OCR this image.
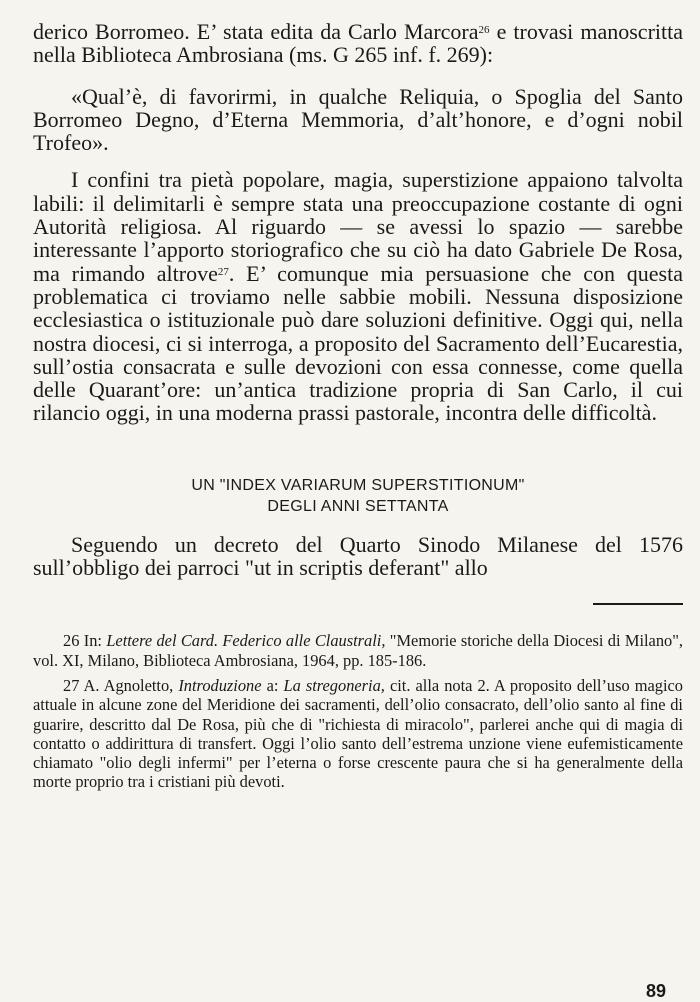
derico Borromeo. E’ stata edita da Carlo Marcora$^{26}$ e trovasi manoscritta nella Biblioteca Ambrosiana (ms. G 265 inf. f. 269):

«Qual’è, di favorirmi, in qualche Reliquia, o Spoglia del Santo Borromeo Degno, d’Eterna Memmoria, d’alt’honore, e d’ogni nobil Trofeo».

I confini tra pietà popolare, magia, superstizione appaiono talvolta labili: il delimitarli è sempre stata una preoccupazione costante di ogni Autorità religiosa. Al riguardo — se avessi lo spazio — sarebbe interessante l’apporto storiografico che su ciò ha dato Gabriele De Rosa, ma rimando altrove$^{27}$. E’ comunque mia persuasione che con questa problematica ci troviamo nelle sabbie mobili. Nessuna disposizione ecclesiastica o istituzionale può dare soluzioni definitive. Oggi qui, nella nostra diocesi, ci si interroga, a proposito del Sacramento dell’Eucarestia, sull’ostia consacrata e sulle devozioni con essa connesse, come quella delle Quarant’ore: un’antica tradizione propria di San Carlo, il cui rilancio oggi, in una moderna prassi pastorale, incontra delle difficoltà.

UN "INDEX VARIARUM SUPERSTITIONUM"
DEGLI ANNI SETTANTA

Seguendo un decreto del Quarto Sinodo Milanese del 1576 sull’obbligo dei parroci "ut in scriptis deferant" allo

26 In: Lettere del Card. Federico alle Claustrali, "Memorie storiche della Diocesi di Milano", vol. XI, Milano, Biblioteca Ambrosiana, 1964, pp. 185-186.

27 A. Agnoletto, Introduzione a: La stregoneria, cit. alla nota 2. A proposito dell’uso magico attuale in alcune zone del Meridione dei sacramenti, dell’olio consacrato, dell’olio santo al fine di guarire, descritto dal De Rosa, più che di "richiesta di miracolo", parlerei anche qui di magia di contatto o addirittura di transfert. Oggi l’olio santo dell’estrema unzione viene eufemisticamente chiamato "olio degli infermi" per l’eterna o forse crescente paura che si ha generalmente della morte proprio tra i cristiani più devoti.

89
